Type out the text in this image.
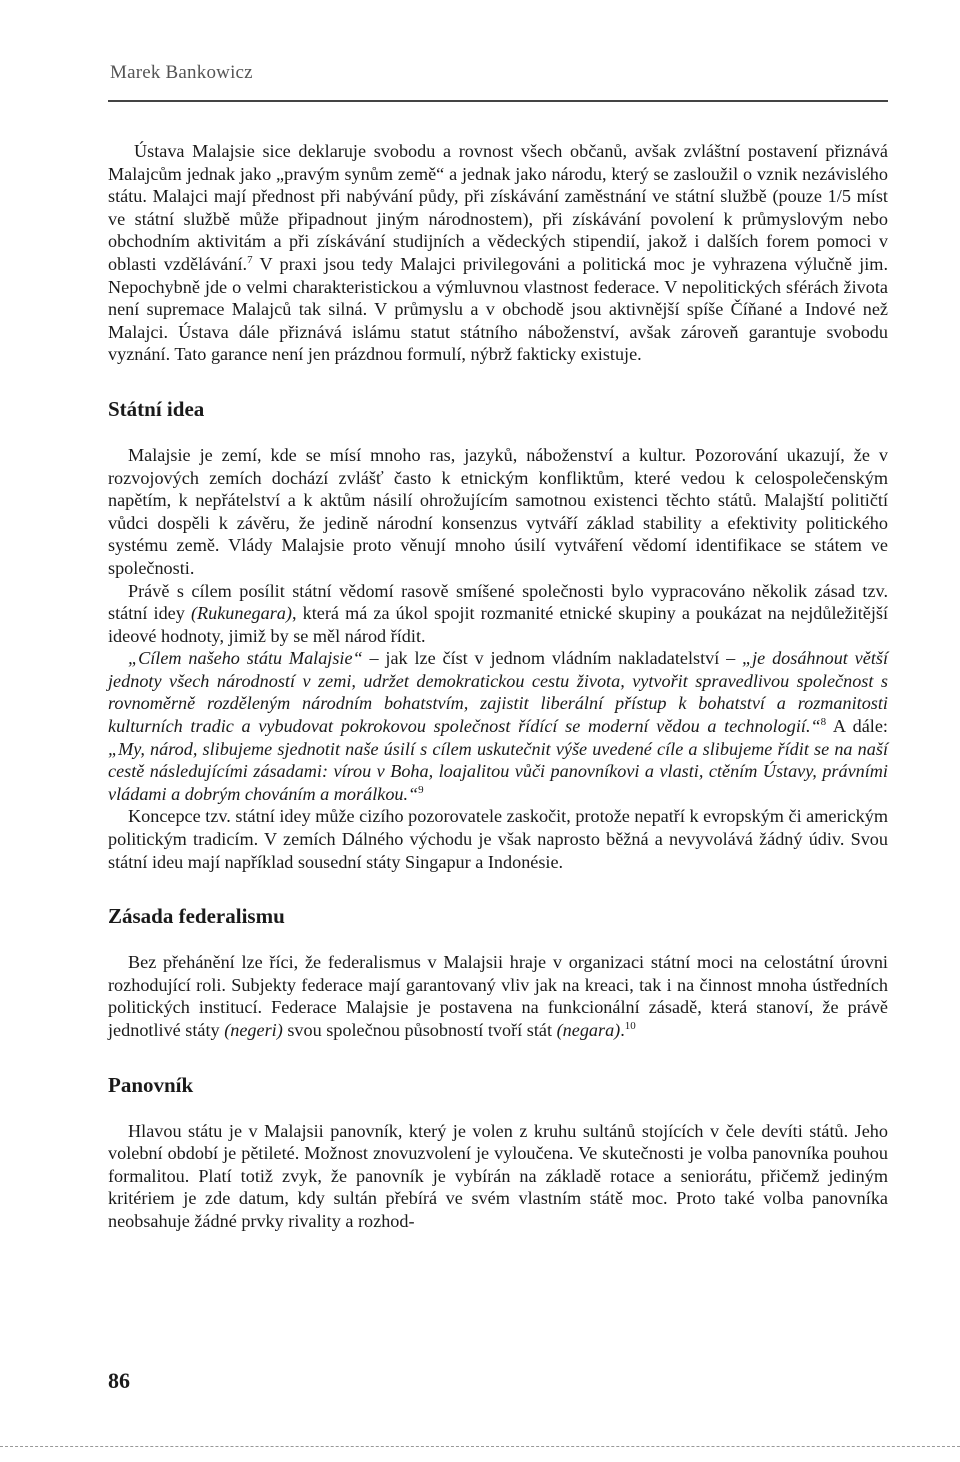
Marek Bankowicz

Ústava Malajsie sice deklaruje svobodu a rovnost všech občanů, avšak zvláštní postavení přiznává Malajcům jednak jako „pravým synům země“ a jednak jako národu, který se zasloužil o vznik nezávislého státu. Malajci mají přednost při nabývání půdy, při získávání zaměstnání ve státní službě (pouze 1/5 míst ve státní službě může připadnout jiným národnostem), při získávání povolení k průmyslovým nebo obchodním aktivitám a při získávání studijních a vědeckých stipendií, jakož i dalších forem pomoci v oblasti vzdělávání.$^7$ V praxi jsou tedy Malajci privilegováni a politická moc je vyhrazena výlučně jim. Nepochybně jde o velmi charakteristickou a výmluvnou vlastnost federace. V nepolitických sférách života není supremace Malajců tak silná. V průmyslu a v obchodě jsou aktivnější spíše Číňané a Indové než Malajci. Ústava dále přiznává islámu statut státního náboženství, avšak zároveň garantuje svobodu vyznání. Tato garance není jen prázdnou formulí, nýbrž fakticky existuje.

Státní idea

Malajsie je zemí, kde se mísí mnoho ras, jazyků, náboženství a kultur. Pozorování ukazují, že v rozvojových zemích dochází zvlášť často k etnickým konfliktům, které vedou k celospolečenským napětím, k nepřátelství a k aktům násilí ohrožujícím samotnou existenci těchto států. Malajští političtí vůdci dospěli k závěru, že jedině národní konsenzus vytváří základ stability a efektivity politického systému země. Vlády Malajsie proto věnují mnoho úsilí vytváření vědomí identifikace se státem ve společnosti.

Právě s cílem posílit státní vědomí rasově smíšené společnosti bylo vypracováno několik zásad tzv. státní idey (Rukunegara), která má za úkol spojit rozmanité etnické skupiny a poukázat na nejdůležitější ideové hodnoty, jimiž by se měl národ řídit.

„Cílem našeho státu Malajsie“ – jak lze číst v jednom vládním nakladatelství – „je dosáhnout větší jednoty všech národností v zemi, udržet demokratickou cestu života, vytvořit spravedlivou společnost s rovnoměrně rozděleným národním bohatstvím, zajistit liberální přístup k bohatství a rozmanitosti kulturních tradic a vybudovat pokrokovou společnost řídící se moderní vědou a technologií.“$^8$ A dále: „My, národ, slibujeme sjednotit naše úsilí s cílem uskutečnit výše uvedené cíle a slibujeme řídit se na naší cestě následujícími zásadami: vírou v Boha, loajalitou vůči panovníkovi a vlasti, ctěním Ústavy, právními vládami a dobrým chováním a morálkou.“$^9$

Koncepce tzv. státní idey může cizího pozorovatele zaskočit, protože nepatří k evropským či americkým politickým tradicím. V zemích Dálného východu je však naprosto běžná a nevyvolává žádný údiv. Svou státní ideu mají například sousední státy Singapur a Indonésie.

Zásada federalismu

Bez přehánění lze říci, že federalismus v Malajsii hraje v organizaci státní moci na celostátní úrovni rozhodující roli. Subjekty federace mají garantovaný vliv jak na kreaci, tak i na činnost mnoha ústředních politických institucí. Federace Malajsie je postavena na funkcionální zásadě, která stanoví, že právě jednotlivé státy (negeri) svou společnou působností tvoří stát (negara).$^{10}$

Panovník

Hlavou státu je v Malajsii panovník, který je volen z kruhu sultánů stojících v čele devíti států. Jeho volební období je pětileté. Možnost znovuzvolení je vyloučena. Ve skutečnosti je volba panovníka pouhou formalitou. Platí totiž zvyk, že panovník je vybírán na základě rotace a seniorátu, přičemž jediným kritériem je zde datum, kdy sultán přebírá ve svém vlastním státě moc. Proto také volba panovníka neobsahuje žádné prvky rivality a rozhod-

86
